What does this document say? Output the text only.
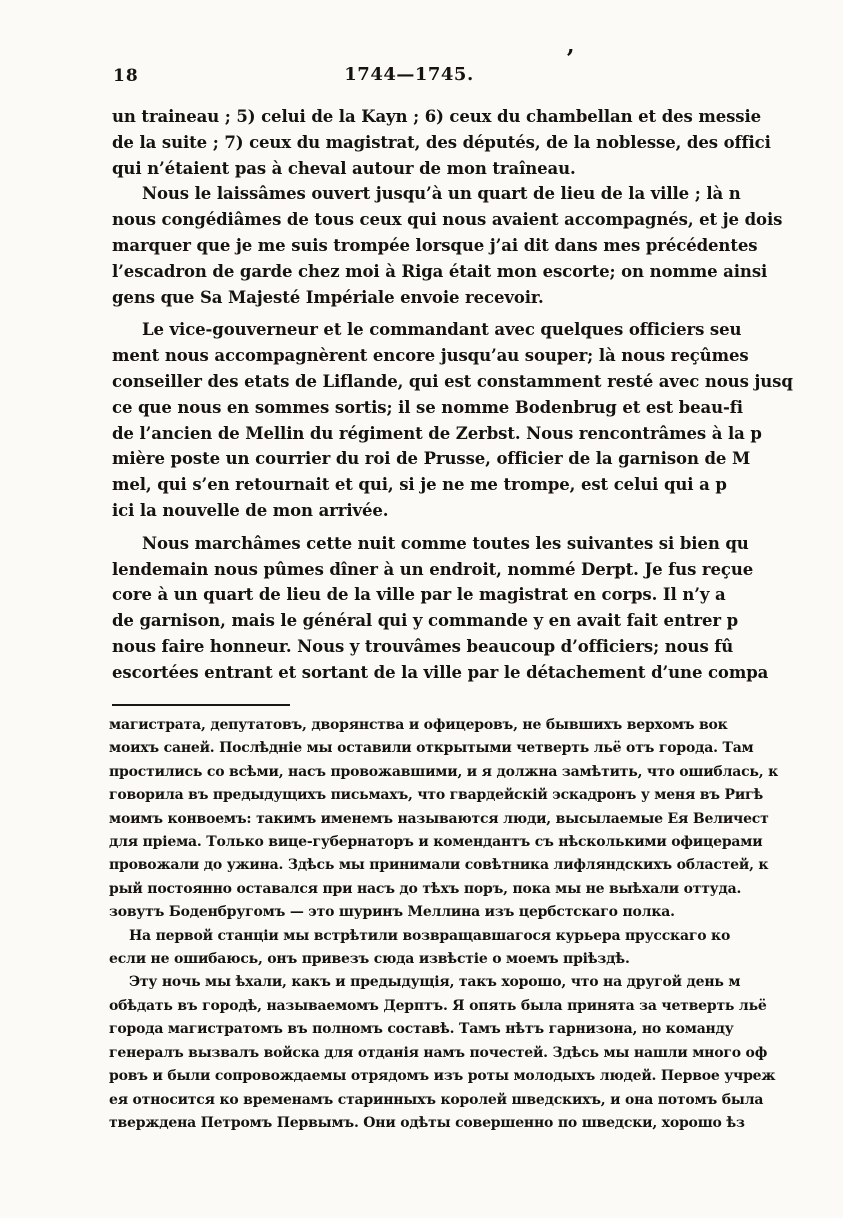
18	1744—1745.
’
un traineau ; 5) celui de la Kayn ; 6) ceux du chambellan et des messie
de la suite ; 7) ceux du magistrat, des députés, de la noblesse, des offici
qui n’étaient pas à cheval autour de mon traîneau.
Nous le laissâmes ouvert jusqu’à un quart de lieu de la ville ; là n
nous congédiâmes de tous ceux qui nous avaient accompagnés, et je dois
marquer que je me suis trompée lorsque j’ai dit dans mes précédentes
l’escadron de garde chez moi à Riga était mon escorte; on nomme ainsi
gens que Sa Majesté Impériale envoie recevoir.
Le vice-gouverneur et le commandant avec quelques officiers seu
ment nous accompagnèrent encore jusqu’au souper; là nous reçûmes
conseiller des etats de Liflande, qui est constamment resté avec nous jusq
ce que nous en sommes sortis; il se nomme Bodenbrug et est beau-fi
de l’ancien de Mellin du régiment de Zerbst. Nous rencontrâmes à la p
mière poste un courrier du roi de Prusse, officier de la garnison de M
mel, qui s’en retournait et qui, si je ne me trompe, est celui qui a p
ici la nouvelle de mon arrivée.
Nous marchâmes cette nuit comme toutes les suivantes si bien qu
lendemain nous pûmes dîner à un endroit, nommé Derpt. Je fus reçue
core à un quart de lieu de la ville par le magistrat en corps. Il n’y a
de garnison, mais le général qui y commande y en avait fait entrer p
nous faire honneur. Nous y trouvâmes beaucoup d’officiers; nous fû
escortées entrant et sortant de la ville par le détachement d’une compa
магистрата, депутатовъ, дворянства и офицеровъ, не бывшихъ верхомъ вок
моихъ саней. Послѣдніе мы оставили открытыми четверть льё отъ города. Там
простились со всѣми, насъ провожавшими, и я должна замѣтить, что ошиблась, к
говорила въ предыдущихъ письмахъ, что гвардейскій эскадронъ у меня въ Ригѣ
моимъ конвоемъ: такимъ именемъ называются люди, высылаемые Ея Величест
для пріема. Только вице-губернаторъ и комендантъ съ нѣсколькими офицерами
провожали до ужина. Здѣсь мы принимали совѣтника лифляндскихъ областей, к
рый постоянно оставался при насъ до тѣхъ поръ, пока мы не выѣхали оттуда.
зовутъ Боденбругомъ — это шуринъ Меллина изъ цербстскаго полка.
На первой станціи мы встрѣтили возвращавшагося курьера прусскаго ко
если не ошибаюсь, онъ привезъ сюда извѣстіе о моемъ пріѣздѣ.
Эту ночь мы ѣхали, какъ и предыдущія, такъ хорошо, что на другой день м
обѣдать въ городѣ, называемомъ Дерптъ. Я опять была принята за четверть льё
города магистратомъ въ полномъ составѣ. Тамъ нѣтъ гарнизона, но команду
генералъ вызвалъ войска для отданія намъ почестей. Здѣсь мы нашли много оф
ровъ и были сопровождаемы отрядомъ изъ роты молодыхъ людей. Первое учреж
ея относится ко временамъ старинныхъ королей шведскихъ, и она потомъ была
тверждена Петромъ Первымъ. Они одѣты совершенно по шведски, хорошо ѣз
